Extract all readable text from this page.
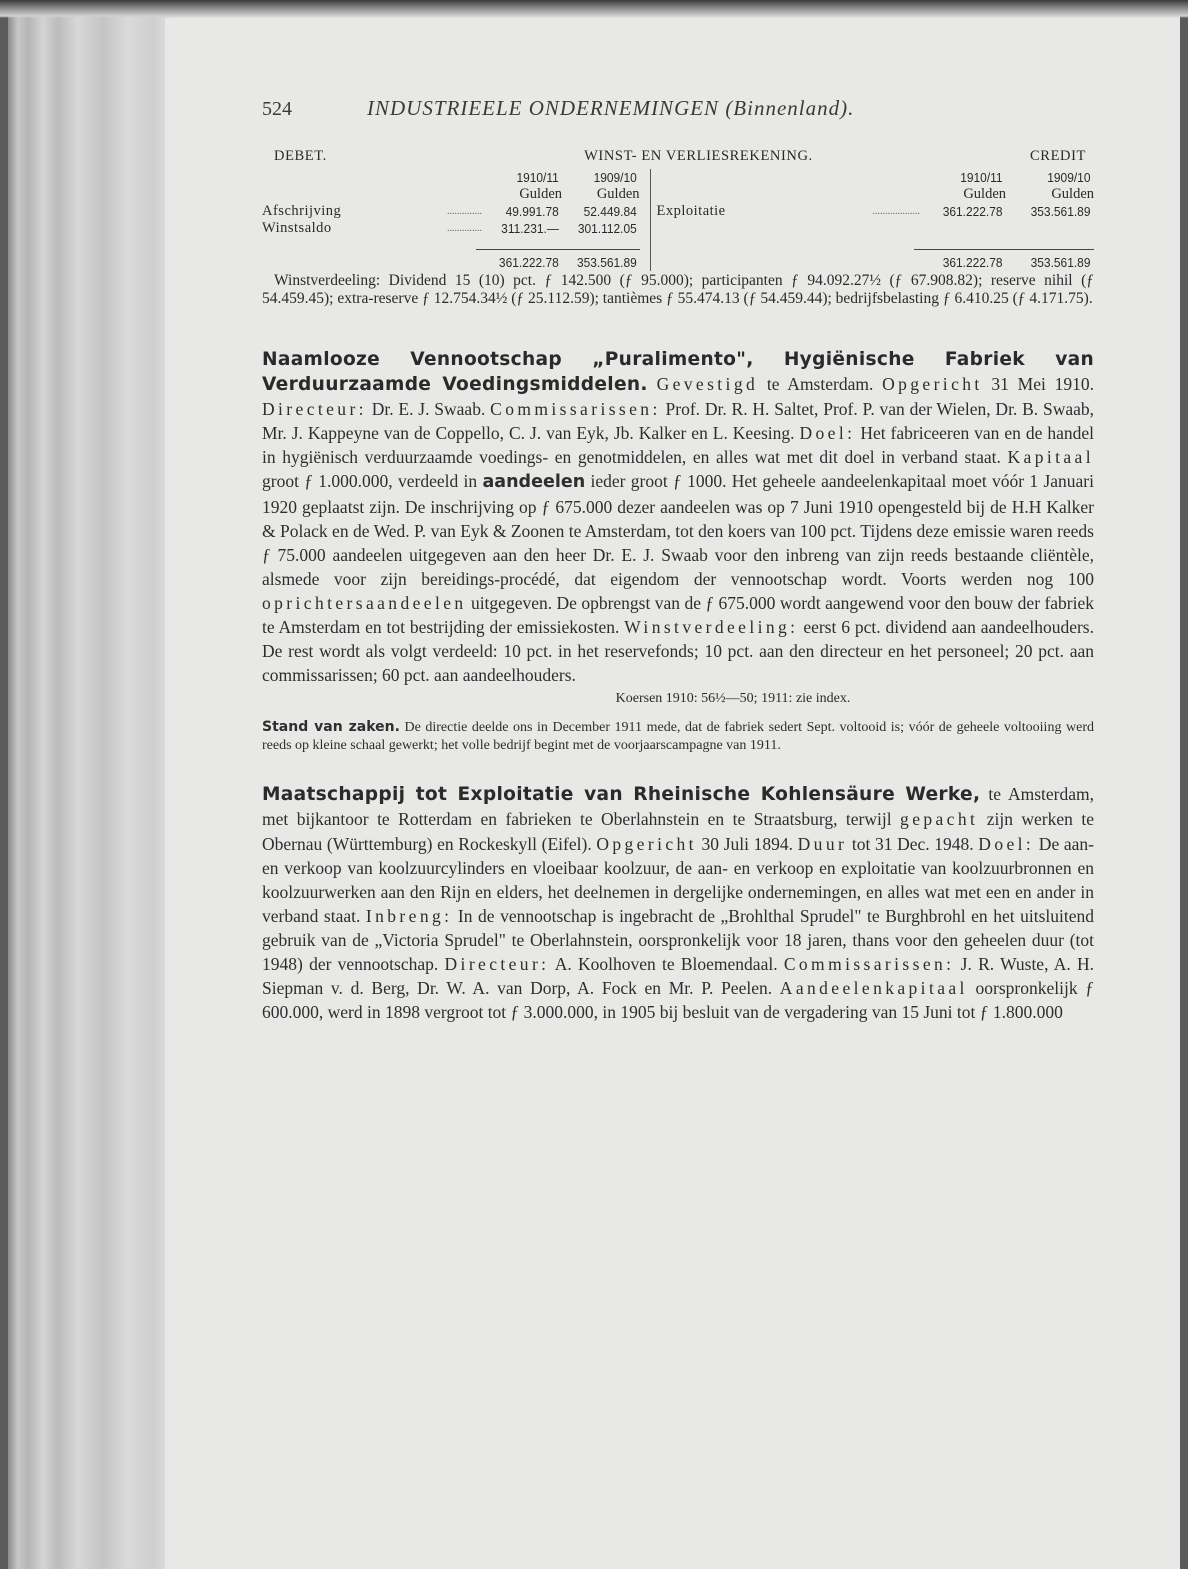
524	INDUSTRIEELE ONDERNEMINGEN (Binnenland).
DEBET.	WINST- EN VERLIESREKENING.	CREDIT
		1910/11	1909/10			1910/11	1909/10
		Gulden	Gulden			Gulden	Gulden
Afschrijving	..............	49.991.78	52.449.84	Exploitatie	...................	361.222.78	353.561.89
Winstsaldo	..............	311.231.—	301.112.05				

		361.222.78	353.561.89			361.222.78	353.561.89

Winstverdeeling: Dividend 15 (10) pct. ƒ 142.500 (ƒ 95.000); participanten ƒ 94.092.27½ (ƒ 67.908.82); reserve nihil (ƒ 54.459.45); extra-reserve ƒ 12.754.34½ (ƒ 25.112.59); tantièmes ƒ 55.474.13 (ƒ 54.459.44); bedrijfsbelasting ƒ 6.410.25 (ƒ 4.171.75).

Naamlooze Vennootschap „Puralimento", Hygiënische Fabriek van Verduurzaamde Voedingsmiddelen. Gevestigd te Amsterdam. Opgericht 31 Mei 1910. Directeur: Dr. E. J. Swaab. Commissarissen: Prof. Dr. R. H. Saltet, Prof. P. van der Wielen, Dr. B. Swaab, Mr. J. Kappeyne van de Coppello, C. J. van Eyk, Jb. Kalker en L. Keesing. Doel: Het fabriceeren van en de handel in hygiënisch verduurzaamde voedings- en genotmiddelen, en alles wat met dit doel in verband staat. Kapitaal groot ƒ 1.000.000, verdeeld in aandeelen ieder groot ƒ 1000. Het geheele aandeelenkapitaal moet vóór 1 Januari 1920 geplaatst zijn. De inschrijving op ƒ 675.000 dezer aandeelen was op 7 Juni 1910 opengesteld bij de H.H Kalker & Polack en de Wed. P. van Eyk & Zoonen te Amsterdam, tot den koers van 100 pct. Tijdens deze emissie waren reeds ƒ 75.000 aandeelen uitgegeven aan den heer Dr. E. J. Swaab voor den inbreng van zijn reeds bestaande cliëntèle, alsmede voor zijn bereidings-procédé, dat eigendom der vennootschap wordt. Voorts werden nog 100 oprichtersaandeelen uitgegeven. De opbrengst van de ƒ 675.000 wordt aangewend voor den bouw der fabriek te Amsterdam en tot bestrijding der emissiekosten. Winstverdeeling: eerst 6 pct. dividend aan aandeelhouders. De rest wordt als volgt verdeeld: 10 pct. in het reservefonds; 10 pct. aan den directeur en het personeel; 20 pct. aan commissarissen; 60 pct. aan aandeelhouders.

Koersen 1910: 56½—50; 1911: zie index.

Stand van zaken. De directie deelde ons in December 1911 mede, dat de fabriek sedert Sept. voltooid is; vóór de geheele voltooiing werd reeds op kleine schaal gewerkt; het volle bedrijf begint met de voorjaarscampagne van 1911.

Maatschappij tot Exploitatie van Rheinische Kohlensäure Werke, te Amsterdam, met bijkantoor te Rotterdam en fabrieken te Oberlahnstein en te Straatsburg, terwijl gepacht zijn werken te Obernau (Württemburg) en Rockeskyll (Eifel). Opgericht 30 Juli 1894. Duur tot 31 Dec. 1948. Doel: De aan- en verkoop van koolzuurcylinders en vloeibaar koolzuur, de aan- en verkoop en exploitatie van koolzuurbronnen en koolzuurwerken aan den Rijn en elders, het deelnemen in dergelijke ondernemingen, en alles wat met een en ander in verband staat. Inbreng: In de vennootschap is ingebracht de „Brohlthal Sprudel" te Burghbrohl en het uitsluitend gebruik van de „Victoria Sprudel" te Oberlahnstein, oorspronkelijk voor 18 jaren, thans voor den geheelen duur (tot 1948) der vennootschap. Directeur: A. Koolhoven te Bloemendaal. Commissarissen: J. R. Wuste, A. H. Siepman v. d. Berg, Dr. W. A. van Dorp, A. Fock en Mr. P. Peelen. Aandeelenkapitaal oorspronkelijk ƒ 600.000, werd in 1898 vergroot tot ƒ 3.000.000, in 1905 bij besluit van de vergadering van 15 Juni tot ƒ 1.800.000
